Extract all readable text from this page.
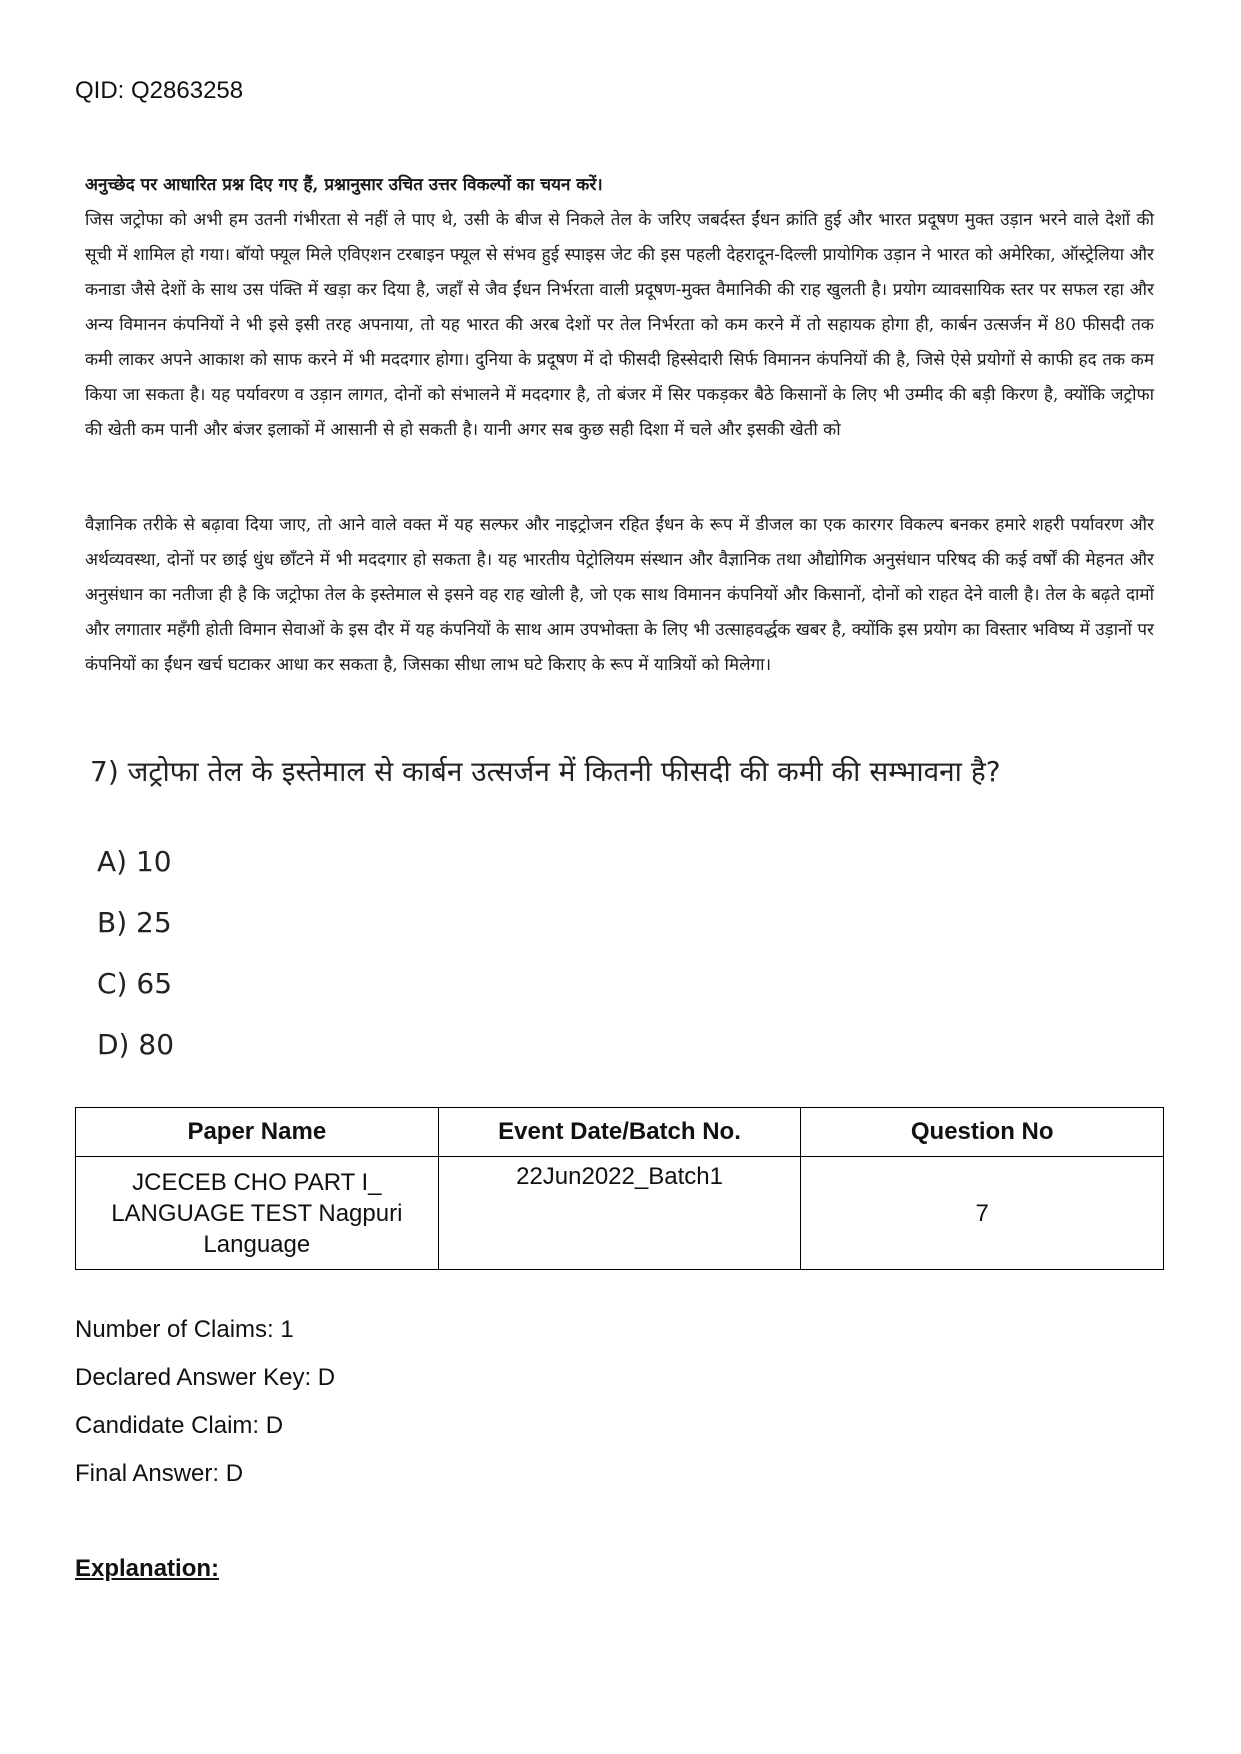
QID: Q2863258
अनुच्छेद पर आधारित प्रश्न दिए गए हैं, प्रश्नानुसार उचित उत्तर विकल्पों का चयन करें।
जिस जट्रोफा को अभी हम उतनी गंभीरता से नहीं ले पाए थे, उसी के बीज से निकले तेल के जरिए जबर्दस्त ईंधन क्रांति हुई और भारत प्रदूषण मुक्त उड़ान भरने वाले देशों की सूची में शामिल हो गया। बॉयो फ्यूल मिले एविएशन टरबाइन फ्यूल से संभव हुई स्पाइस जेट की इस पहली देहरादून-दिल्ली प्रायोगिक उड़ान ने भारत को अमेरिका, ऑस्ट्रेलिया और कनाडा जैसे देशों के साथ उस पंक्ति में खड़ा कर दिया है, जहाँ से जैव ईंधन निर्भरता वाली प्रदूषण-मुक्त वैमानिकी की राह खुलती है। प्रयोग व्यावसायिक स्तर पर सफल रहा और अन्य विमानन कंपनियों ने भी इसे इसी तरह अपनाया, तो यह भारत की अरब देशों पर तेल निर्भरता को कम करने में तो सहायक होगा ही, कार्बन उत्सर्जन में 80 फीसदी तक कमी लाकर अपने आकाश को साफ करने में भी मददगार होगा। दुनिया के प्रदूषण में दो फीसदी हिस्सेदारी सिर्फ विमानन कंपनियों की है, जिसे ऐसे प्रयोगों से काफी हद तक कम किया जा सकता है। यह पर्यावरण व उड़ान लागत, दोनों को संभालने में मददगार है, तो बंजर में सिर पकड़कर बैठे किसानों के लिए भी उम्मीद की बड़ी किरण है, क्योंकि जट्रोफा की खेती कम पानी और बंजर इलाकों में आसानी से हो सकती है। यानी अगर सब कुछ सही दिशा में चले और इसकी खेती को
वैज्ञानिक तरीके से बढ़ावा दिया जाए, तो आने वाले वक्त में यह सल्फर और नाइट्रोजन रहित ईंधन के रूप में डीजल का एक कारगर विकल्प बनकर हमारे शहरी पर्यावरण और अर्थव्यवस्था, दोनों पर छाई धुंध छाँटने में भी मददगार हो सकता है। यह भारतीय पेट्रोलियम संस्थान और वैज्ञानिक तथा औद्योगिक अनुसंधान परिषद की कई वर्षों की मेहनत और अनुसंधान का नतीजा ही है कि जट्रोफा तेल के इस्तेमाल से इसने वह राह खोली है, जो एक साथ विमानन कंपनियों और किसानों, दोनों को राहत देने वाली है। तेल के बढ़ते दामों और लगातार महँगी होती विमान सेवाओं के इस दौर में यह कंपनियों के साथ आम उपभोक्ता के लिए भी उत्साहवर्द्धक खबर है, क्योंकि इस प्रयोग का विस्तार भविष्य में उड़ानों पर कंपनियों का ईंधन खर्च घटाकर आधा कर सकता है, जिसका सीधा लाभ घटे किराए के रूप में यात्रियों को मिलेगा।
7) जट्रोफा तेल के इस्तेमाल से कार्बन उत्सर्जन में कितनी फीसदी की कमी की सम्भावना है?
A) 10
B) 25
C) 65
D) 80
Paper Name	Event Date/Batch No.	Question No
JCECEB CHO PART I_ LANGUAGE TEST Nagpuri Language	22Jun2022_Batch1	7
Number of Claims: 1
Declared Answer Key: D
Candidate Claim: D
Final Answer: D
Explanation:
